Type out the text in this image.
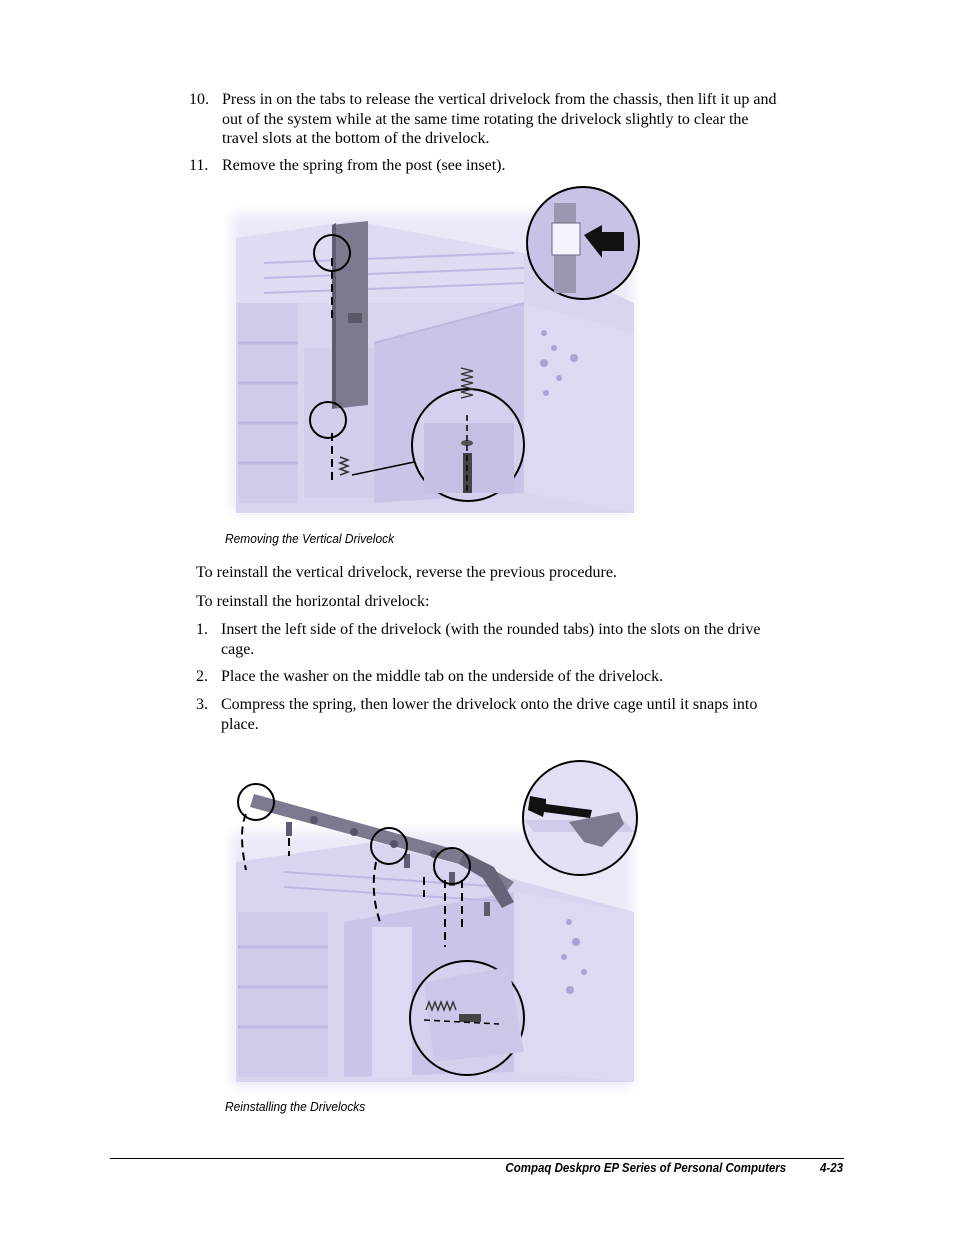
10. Press in on the tabs to release the vertical drivelock from the chassis, then lift it up and
out of the system while at the same time rotating the drivelock slightly to clear the
travel slots at the bottom of the drivelock.
11. Remove the spring from the post (see inset).
Removing the Vertical Drivelock
To reinstall the vertical drivelock, reverse the previous procedure.
To reinstall the horizontal drivelock:
1. Insert the left side of the drivelock (with the rounded tabs) into the slots on the drive
cage.
2. Place the washer on the middle tab on the underside of the drivelock.
3. Compress the spring, then lower the drivelock onto the drive cage until it snaps into
place.
Reinstalling the Drivelocks
Compaq Deskpro EP Series of Personal Computers	4-23
